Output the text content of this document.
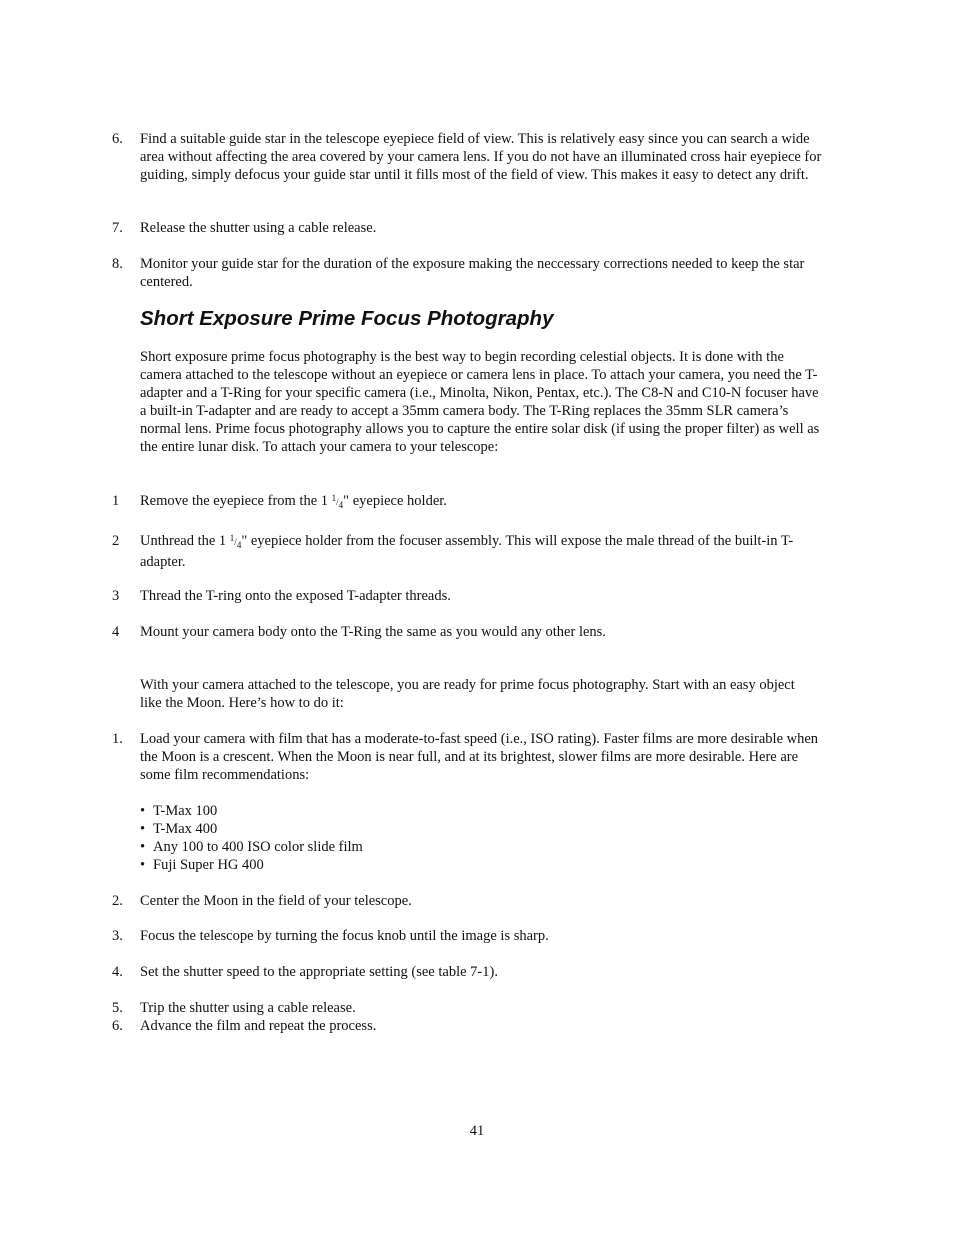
6. Find a suitable guide star in the telescope eyepiece field of view. This is relatively easy since you can search a wide area without affecting the area covered by your camera lens. If you do not have an illuminated cross hair eyepiece for guiding, simply defocus your guide star until it fills most of the field of view. This makes it easy to detect any drift.
7. Release the shutter using a cable release.
8. Monitor your guide star for the duration of the exposure making the neccessary corrections needed to keep the star centered.
Short Exposure Prime Focus Photography
Short exposure prime focus photography is the best way to begin recording celestial objects. It is done with the camera attached to the telescope without an eyepiece or camera lens in place. To attach your camera, you need the T-adapter and a T-Ring for your specific camera (i.e., Minolta, Nikon, Pentax, etc.). The C8-N and C10-N focuser have a built-in T-adapter and are ready to accept a 35mm camera body. The T-Ring replaces the 35mm SLR camera’s normal lens. Prime focus photography allows you to capture the entire solar disk (if using the proper filter) as well as the entire lunar disk. To attach your camera to your telescope:
1 Remove the eyepiece from the 1 $^1/_4$" eyepiece holder.
2 Unthread the 1 $^1/_4$" eyepiece holder from the focuser assembly. This will expose the male thread of the built-in T-adapter.
3 Thread the T-ring onto the exposed T-adapter threads.
4 Mount your camera body onto the T-Ring the same as you would any other lens.
With your camera attached to the telescope, you are ready for prime focus photography. Start with an easy object like the Moon. Here’s how to do it:
1. Load your camera with film that has a moderate-to-fast speed (i.e., ISO rating). Faster films are more desirable when the Moon is a crescent. When the Moon is near full, and at its brightest, slower films are more desirable. Here are some film recommendations:
• T-Max 100
• T-Max 400
• Any 100 to 400 ISO color slide film
• Fuji Super HG 400
2. Center the Moon in the field of your telescope.
3. Focus the telescope by turning the focus knob until the image is sharp.
4. Set the shutter speed to the appropriate setting (see table 7-1).
5. Trip the shutter using a cable release.
6. Advance the film and repeat the process.
41
